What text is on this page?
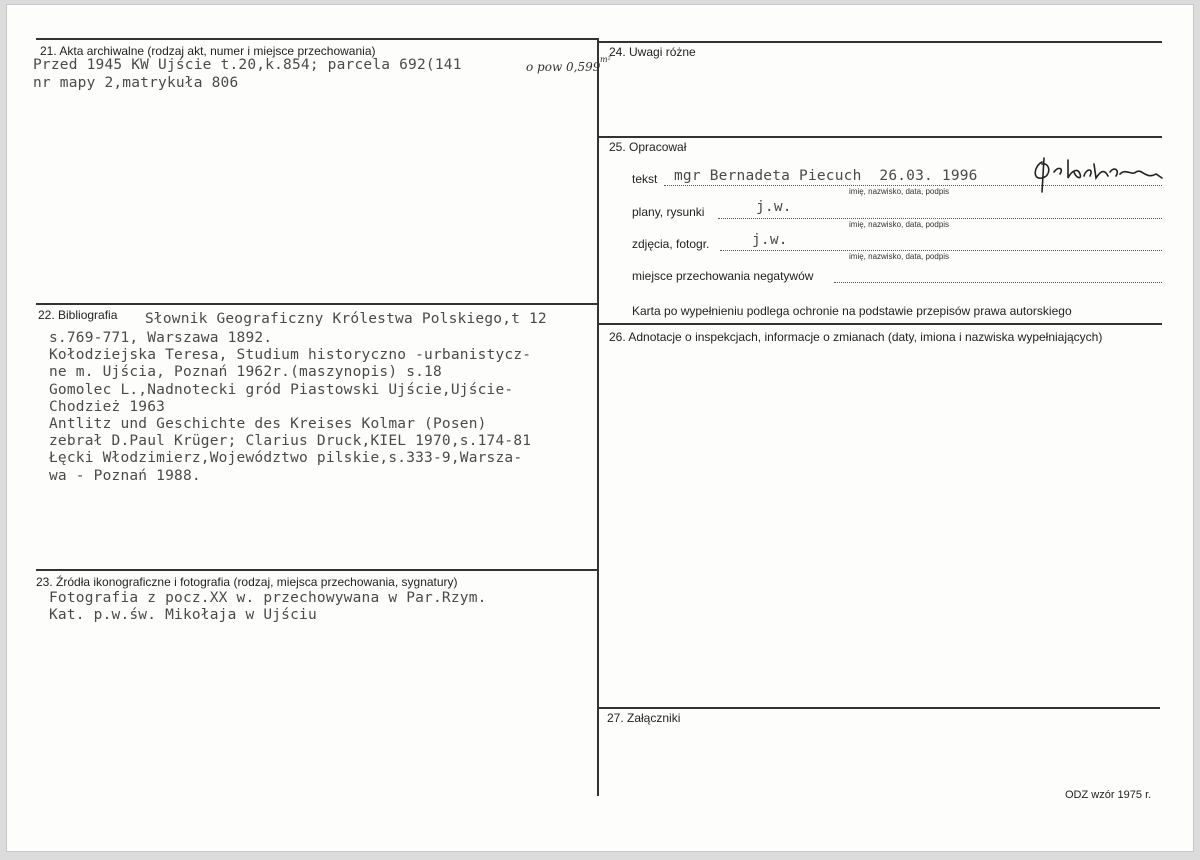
21. Akta archiwalne (rodzaj akt, numer i miejsce przechowania)
Przed 1945 KW Ujście t.20,k.854; parcela 692(141	o pow 0,599
m²
nr mapy 2,matrykuła 806
22. Bibliografia Słownik Geograficzny Królestwa Polskiego,t 12
s.769-771, Warszawa 1892.
Kołodziejska Teresa, Studium historyczno -urbanistycz-
ne m. Ujścia, Poznań 1962r.(maszynopis) s.18
Gomolec L.,Nadnotecki gród Piastowski Ujście,Ujście-
Chodzież 1963
Antlitz und Geschichte des Kreises Kolmar (Posen)
zebrał D.Paul Krüger; Clarius Druck,KIEL 1970,s.174-81
Łęcki Włodzimierz,Województwo pilskie,s.333-9,Warsza-
wa - Poznań 1988.
23. Źródła ikonograficzne i fotografia (rodzaj, miejsca przechowania, sygnatury)
Fotografia z pocz.XX w. przechowywana w Par.Rzym.
Kat. p.w.św. Mikołaja w Ujściu
24. Uwagi różne
25. Opracował
tekst mgr Bernadeta Piecuch  26.03. 1996
imię, nazwisko, data, podpis
plany, rysunki	j.w.
imię, nazwisko, data, podpis
zdjęcia, fotogr.	j.w.
imię, nazwisko, data, podpis
miejsce przechowania negatywów
Karta po wypełnieniu podlega ochronie na podstawie przepisów prawa autorskiego
26. Adnotacje o inspekcjach, informacje o zmianach (daty, imiona i nazwiska wypełniających)
27. Załączniki
ODZ wzór 1975 r.
